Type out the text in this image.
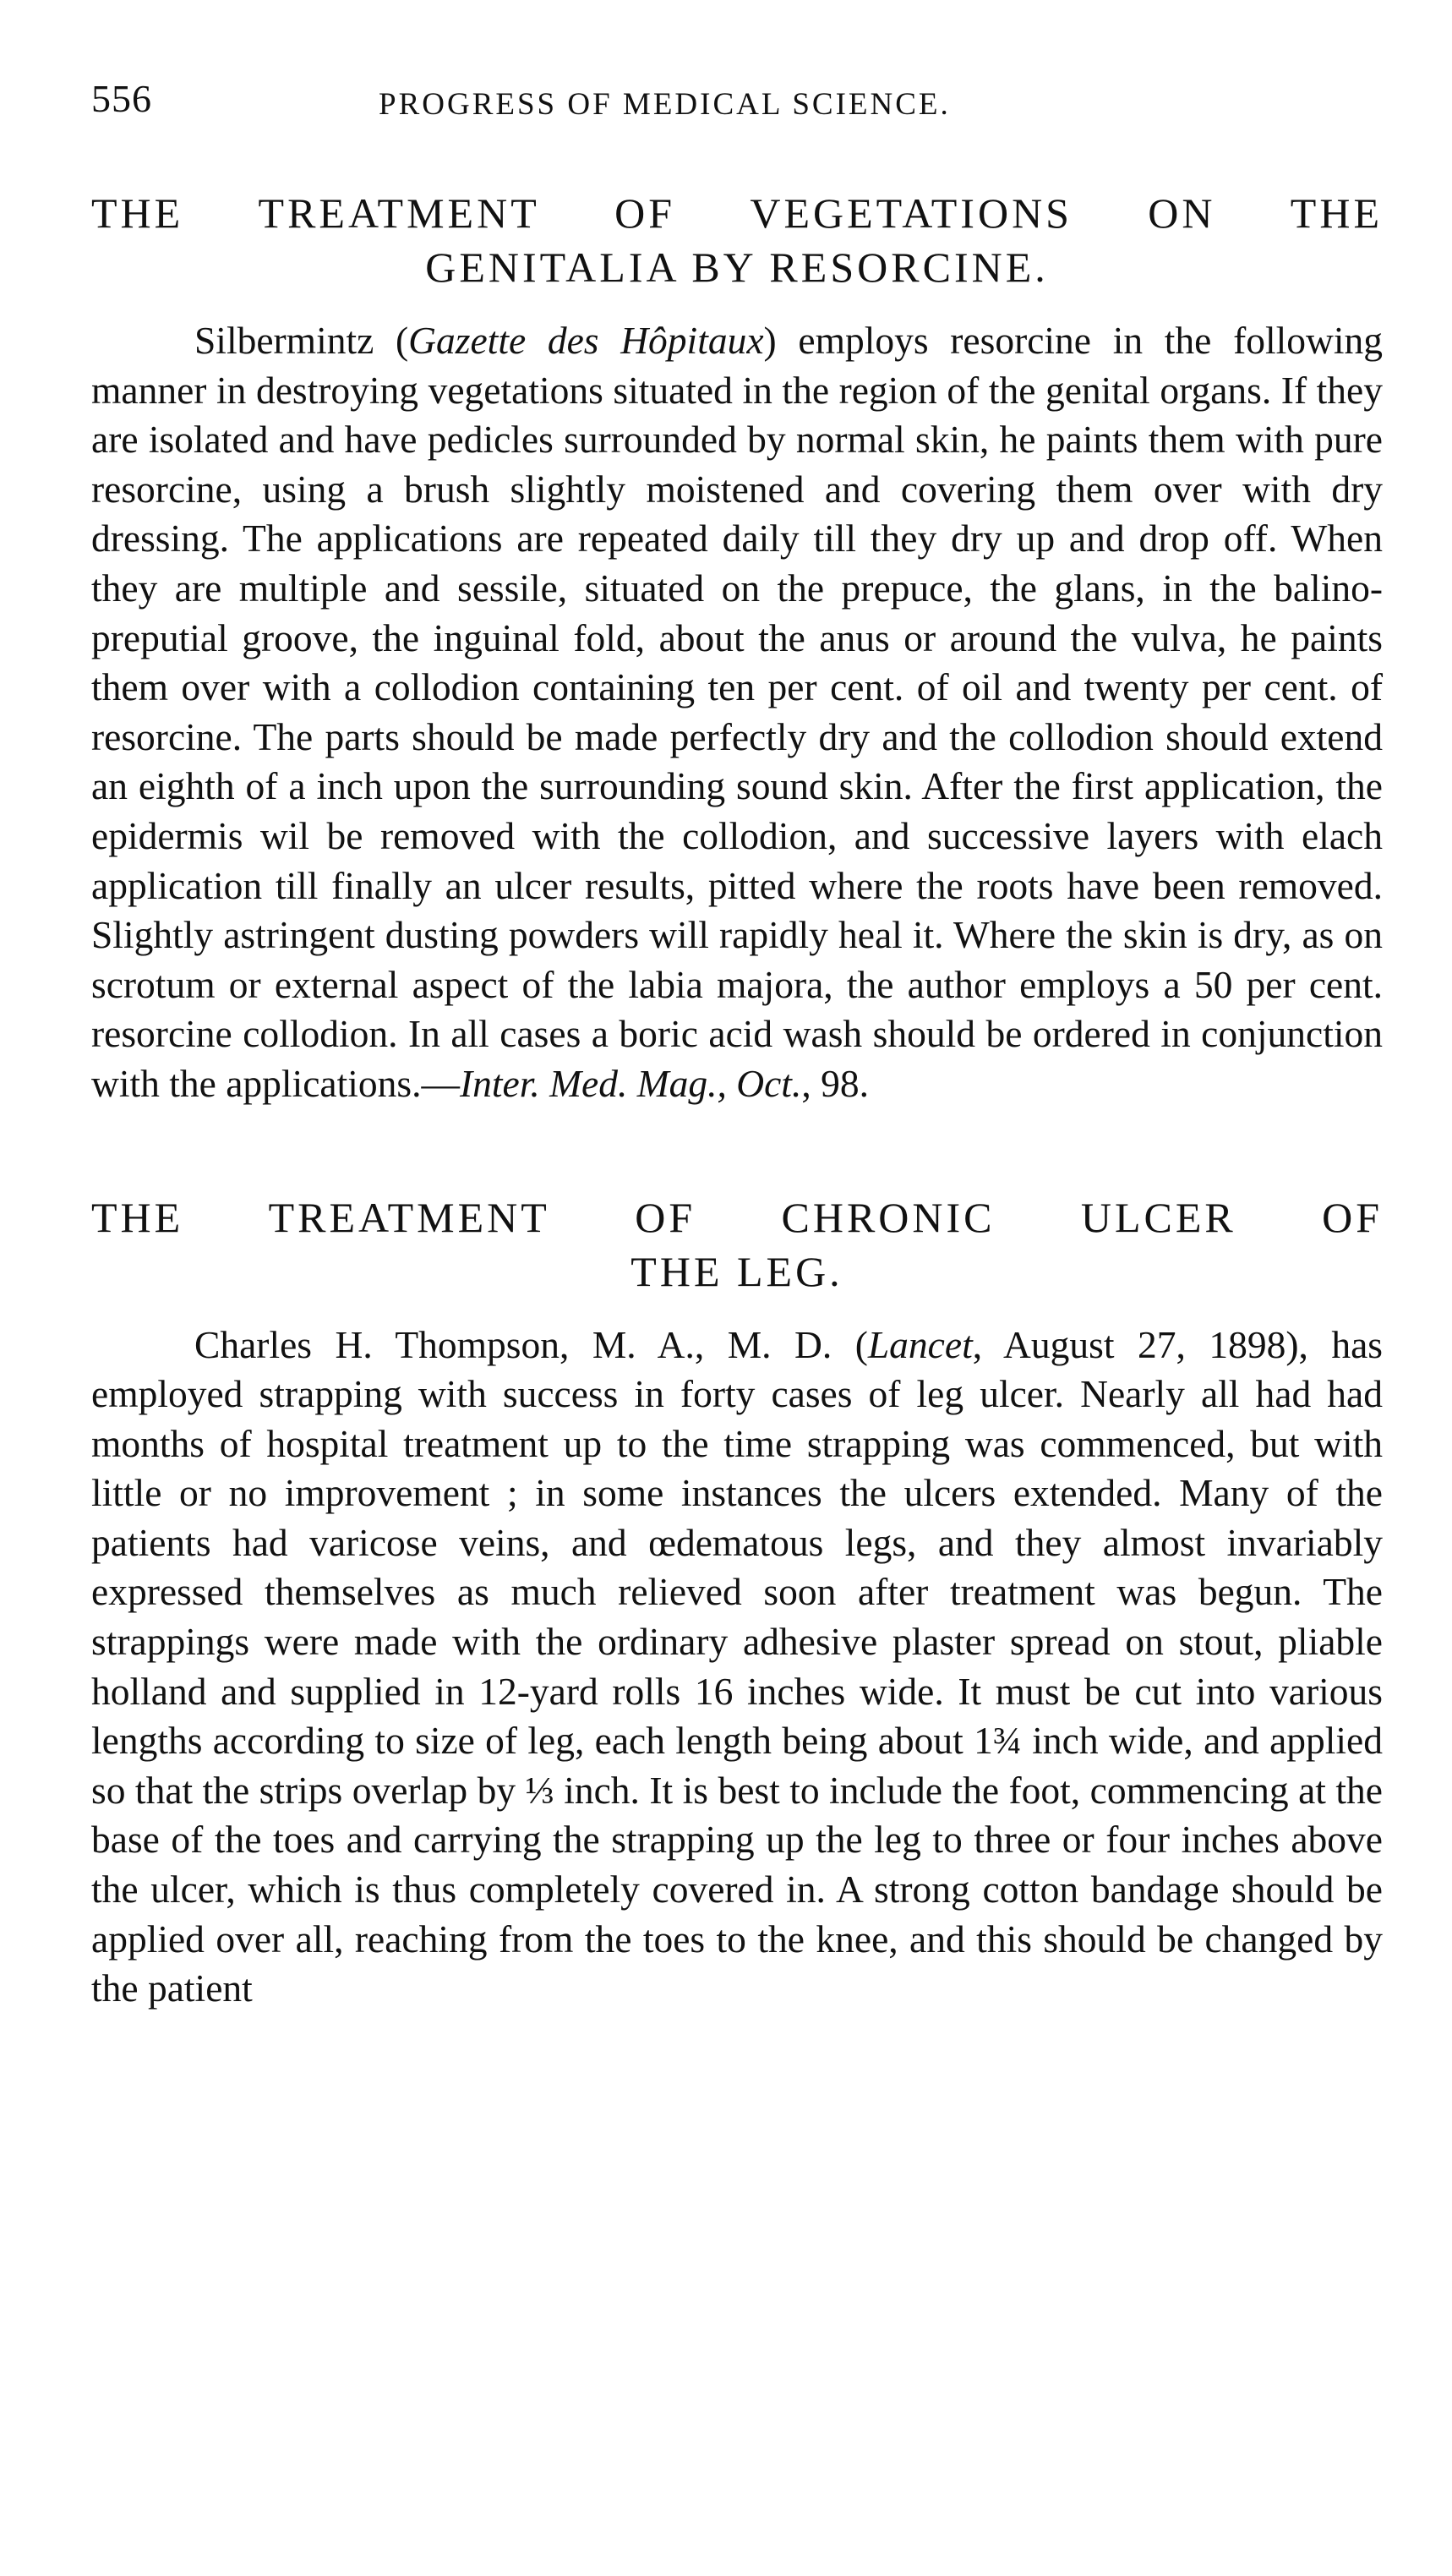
556	PROGRESS OF MEDICAL SCIENCE.
THE TREATMENT OF VEGETATIONS ON THE
GENITALIA BY RESORCINE.

Silbermintz (Gazette des Hôpitaux) employs resorcine in the following manner in destroying vegetations situated in the region of the genital organs. If they are isolated and have pedicles surrounded by normal skin, he paints them with pure resorcine, using a brush slightly moistened and covering them over with dry dressing. The applications are repeated daily till they dry up and drop off. When they are multiple and sessile, situated on the prepuce, the glans, in the balino-preputial groove, the inguinal fold, about the anus or around the vulva, he paints them over with a collodion containing ten per cent. of oil and twenty per cent. of resorcine. The parts should be made perfectly dry and the collodion should extend an eighth of a inch upon the surrounding sound skin. After the first application, the epidermis wil be removed with the collodion, and successive layers with elach application till finally an ulcer results, pitted where the roots have been removed. Slightly astringent dusting powders will rapidly heal it. Where the skin is dry, as on scrotum or external aspect of the labia majora, the author employs a 50 per cent. resorcine collodion. In all cases a boric acid wash should be ordered in conjunction with the applications.—Inter. Med. Mag., Oct., 98.

THE TREATMENT OF CHRONIC ULCER OF
THE LEG.

Charles H. Thompson, M. A., M. D. (Lancet, August 27, 1898), has employed strapping with success in forty cases of leg ulcer. Nearly all had had months of hospital treatment up to the time strapping was commenced, but with little or no improvement ; in some instances the ulcers extended. Many of the patients had varicose veins, and œdematous legs, and they almost invariably expressed themselves as much relieved soon after treatment was begun. The strappings were made with the ordinary adhesive plaster spread on stout, pliable holland and supplied in 12-yard rolls 16 inches wide. It must be cut into various lengths according to size of leg, each length being about 1¾ inch wide, and applied so that the strips overlap by ⅓ inch. It is best to include the foot, commencing at the base of the toes and carrying the strapping up the leg to three or four inches above the ulcer, which is thus completely covered in. A strong cotton bandage should be applied over all, reaching from the toes to the knee, and this should be changed by the patient
